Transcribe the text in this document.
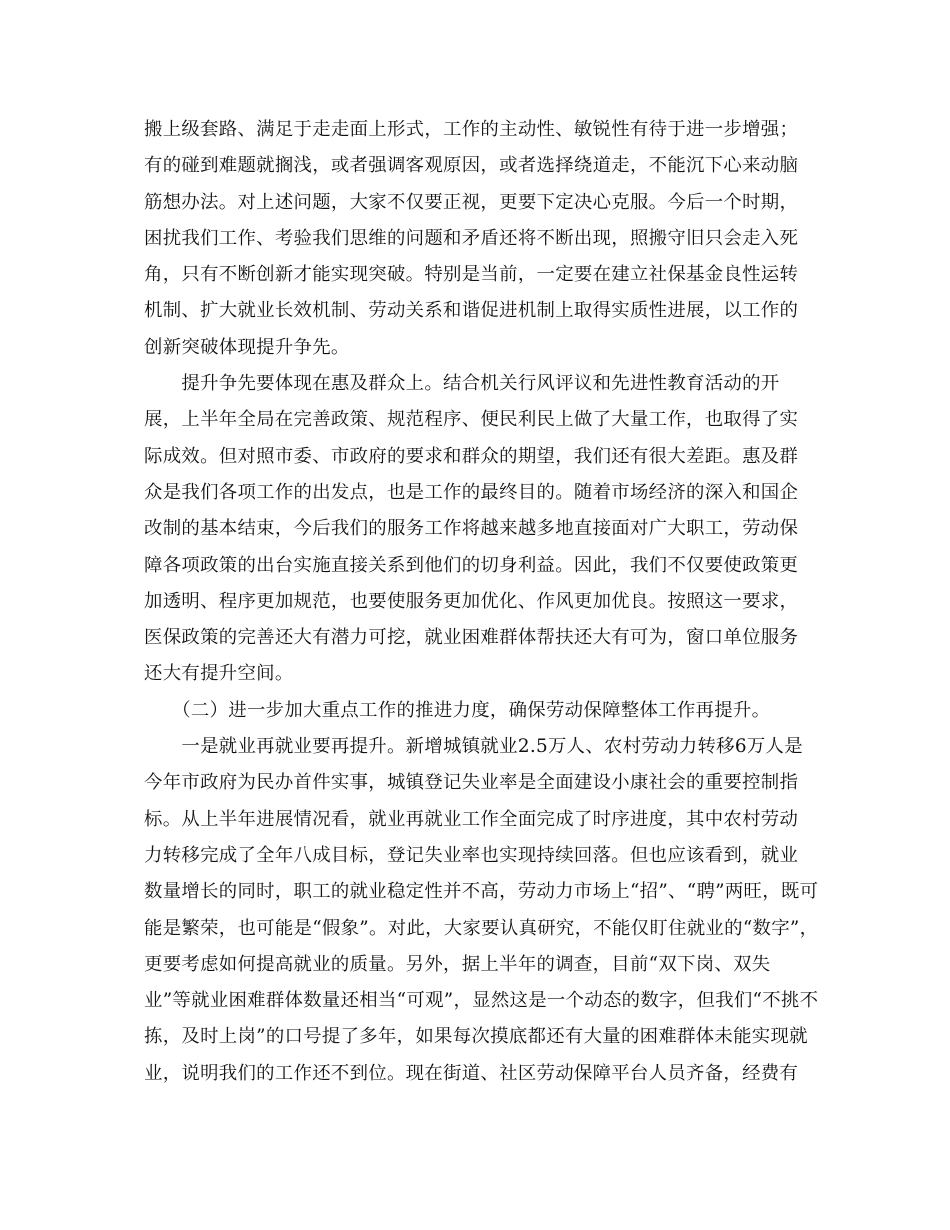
搬上级套路、满足于走走面上形式，工作的主动性、敏锐性有待于进一步增强；

有的碰到难题就搁浅，或者强调客观原因，或者选择绕道走，不能沉下心来动脑

筋想办法。对上述问题，大家不仅要正视，更要下定决心克服。今后一个时期，

困扰我们工作、考验我们思维的问题和矛盾还将不断出现，照搬守旧只会走入死

角，只有不断创新才能实现突破。特别是当前，一定要在建立社保基金良性运转

机制、扩大就业长效机制、劳动关系和谐促进机制上取得实质性进展，以工作的

创新突破体现提升争先。

　　提升争先要体现在惠及群众上。结合机关行风评议和先进性教育活动的开

展，上半年全局在完善政策、规范程序、便民利民上做了大量工作，也取得了实

际成效。但对照市委、市政府的要求和群众的期望，我们还有很大差距。惠及群

众是我们各项工作的出发点，也是工作的最终目的。随着市场经济的深入和国企

改制的基本结束，今后我们的服务工作将越来越多地直接面对广大职工，劳动保

障各项政策的出台实施直接关系到他们的切身利益。因此，我们不仅要使政策更

加透明、程序更加规范，也要使服务更加优化、作风更加优良。按照这一要求，

医保政策的完善还大有潜力可挖，就业困难群体帮扶还大有可为，窗口单位服务

还大有提升空间。

　　（二）进一步加大重点工作的推进力度，确保劳动保障整体工作再提升。

　　一是就业再就业要再提升。新增城镇就业2.5万人、农村劳动力转移6万人是

今年市政府为民办首件实事，城镇登记失业率是全面建设小康社会的重要控制指

标。从上半年进展情况看，就业再就业工作全面完成了时序进度，其中农村劳动

力转移完成了全年八成目标，登记失业率也实现持续回落。但也应该看到，就业

数量增长的同时，职工的就业稳定性并不高，劳动力市场上“招”、“聘”两旺，既可

能是繁荣，也可能是“假象”。对此，大家要认真研究，不能仅盯住就业的“数字”，

更要考虑如何提高就业的质量。另外，据上半年的调查，目前“双下岗、双失

业”等就业困难群体数量还相当“可观”，显然这是一个动态的数字，但我们“不挑不

拣，及时上岗”的口号提了多年，如果每次摸底都还有大量的困难群体未能实现就

业，说明我们的工作还不到位。现在街道、社区劳动保障平台人员齐备，经费有
